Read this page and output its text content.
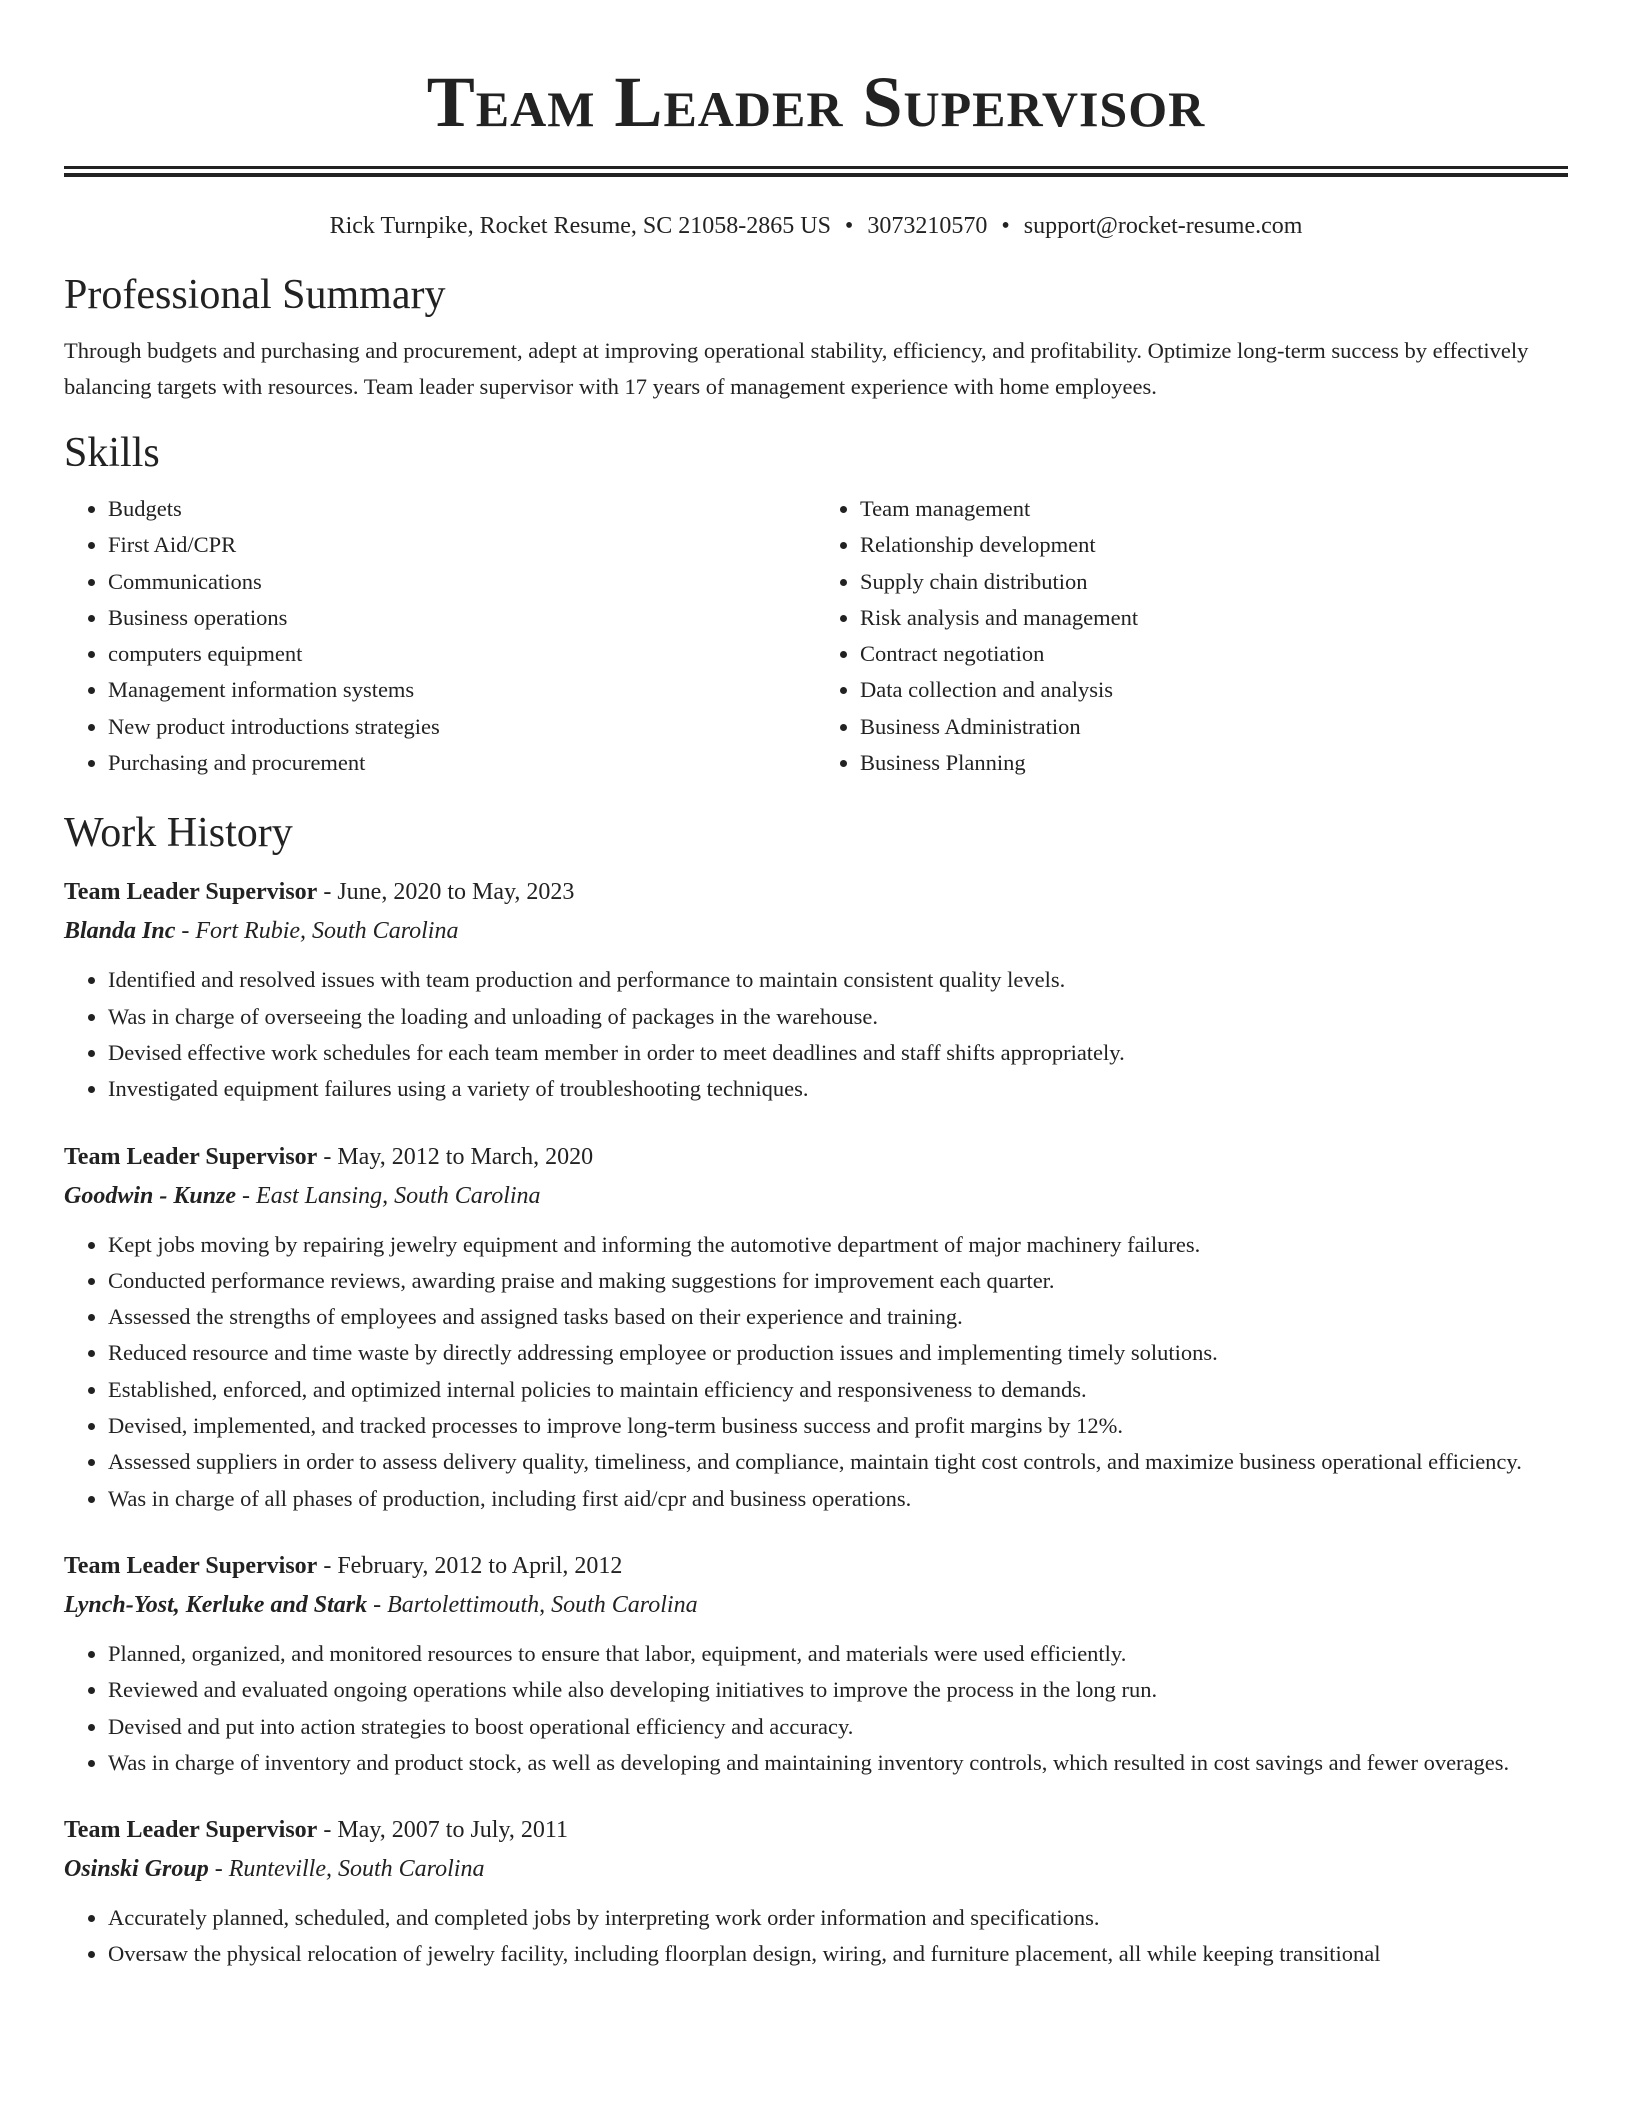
Team Leader Supervisor
Rick Turnpike, Rocket Resume, SC 21058-2865 US • 3073210570 • support@rocket-resume.com
Professional Summary

Through budgets and purchasing and procurement, adept at improving operational stability, efficiency, and profitability. Optimize long-term success by effectively balancing targets with resources. Team leader supervisor with 17 years of management experience with home employees.

Skills
• Budgets
• First Aid/CPR
• Communications
• Business operations
• computers equipment
• Management information systems
• New product introductions strategies
• Purchasing and procurement
• Team management
• Relationship development
• Supply chain distribution
• Risk analysis and management
• Contract negotiation
• Data collection and analysis
• Business Administration
• Business Planning
Work History
Team Leader Supervisor - June, 2020 to May, 2023
Blanda Inc - Fort Rubie, South Carolina
• Identified and resolved issues with team production and performance to maintain consistent quality levels.
• Was in charge of overseeing the loading and unloading of packages in the warehouse.
• Devised effective work schedules for each team member in order to meet deadlines and staff shifts appropriately.
• Investigated equipment failures using a variety of troubleshooting techniques.
Team Leader Supervisor - May, 2012 to March, 2020
Goodwin - Kunze - East Lansing, South Carolina
• Kept jobs moving by repairing jewelry equipment and informing the automotive department of major machinery failures.
• Conducted performance reviews, awarding praise and making suggestions for improvement each quarter.
• Assessed the strengths of employees and assigned tasks based on their experience and training.
• Reduced resource and time waste by directly addressing employee or production issues and implementing timely solutions.
• Established, enforced, and optimized internal policies to maintain efficiency and responsiveness to demands.
• Devised, implemented, and tracked processes to improve long-term business success and profit margins by 12%.
• Assessed suppliers in order to assess delivery quality, timeliness, and compliance, maintain tight cost controls, and maximize business operational efficiency.
• Was in charge of all phases of production, including first aid/cpr and business operations.
Team Leader Supervisor - February, 2012 to April, 2012
Lynch-Yost, Kerluke and Stark - Bartolettimouth, South Carolina
• Planned, organized, and monitored resources to ensure that labor, equipment, and materials were used efficiently.
• Reviewed and evaluated ongoing operations while also developing initiatives to improve the process in the long run.
• Devised and put into action strategies to boost operational efficiency and accuracy.
• Was in charge of inventory and product stock, as well as developing and maintaining inventory controls, which resulted in cost savings and fewer overages.
Team Leader Supervisor - May, 2007 to July, 2011
Osinski Group - Runteville, South Carolina
• Accurately planned, scheduled, and completed jobs by interpreting work order information and specifications.
• Oversaw the physical relocation of jewelry facility, including floorplan design, wiring, and furniture placement, all while keeping transitional
